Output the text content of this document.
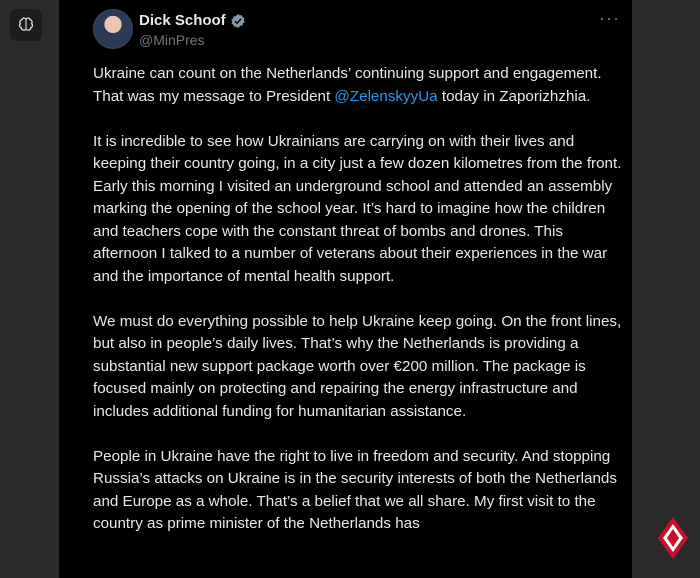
Dick Schoof
@MinPres
···

Ukraine can count on the Netherlands’ continuing support and engagement. That was my message to President @ZelenskyyUa today in Zaporizhzhia.

It is incredible to see how Ukrainians are carrying on with their lives and keeping their country going, in a city just a few dozen kilometres from the front. Early this morning I visited an underground school and attended an assembly marking the opening of the school year. It’s hard to imagine how the children and teachers cope with the constant threat of bombs and drones. This afternoon I talked to a number of veterans about their experiences in the war and the importance of mental health support.

We must do everything possible to help Ukraine keep going. On the front lines, but also in people’s daily lives. That’s why the Netherlands is providing a substantial new support package worth over €200 million. The package is focused mainly on protecting and repairing the energy infrastructure and includes additional funding for humanitarian assistance.

People in Ukraine have the right to live in freedom and security. And stopping Russia’s attacks on Ukraine is in the security interests of both the Netherlands and Europe as a whole. That’s a belief that we all share. My first visit to the country as prime minister of the Netherlands has
